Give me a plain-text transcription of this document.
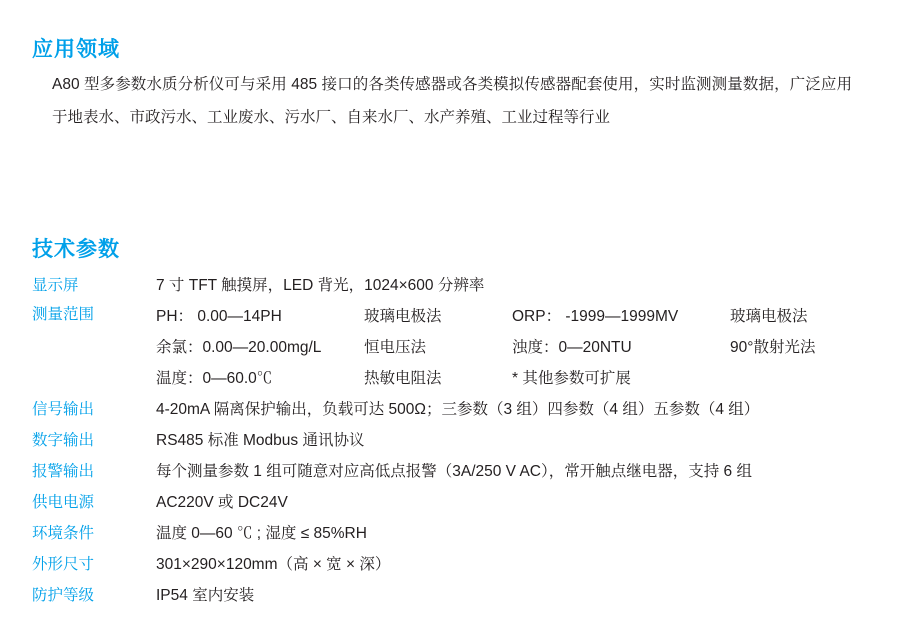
应用领域
A80 型多参数水质分析仪可与采用 485 接口的各类传感器或各类模拟传感器配套使用，实时监测测量数据，广泛应用于地表水、市政污水、工业废水、污水厂、自来水厂、水产养殖、工业过程等行业
技术参数
显示屏	7 寸 TFT 触摸屏，LED 背光，1024×600 分辨率
测量范围	PH： 0.00—14PH	玻璃电极法	ORP： -1999—1999MV	玻璃电极法
余氯：0.00—20.00mg/L	恒电压法	浊度：0—20NTU	90°散射光法
温度：0—60.0℃	热敏电阻法	* 其他参数可扩展
信号输出	4-20mA 隔离保护输出，负载可达 500Ω；三参数（3 组）四参数（4 组）五参数（4 组）
数字输出	RS485 标准 Modbus 通讯协议
报警输出	每个测量参数 1 组可随意对应高低点报警（3A/250 V AC），常开触点继电器，支持 6 组
供电电源	AC220V 或 DC24V
环境条件	温度 0—60 ℃ ; 湿度 ≤ 85%RH
外形尺寸	301×290×120mm（高 × 宽 × 深）
防护等级	IP54 室内安装
